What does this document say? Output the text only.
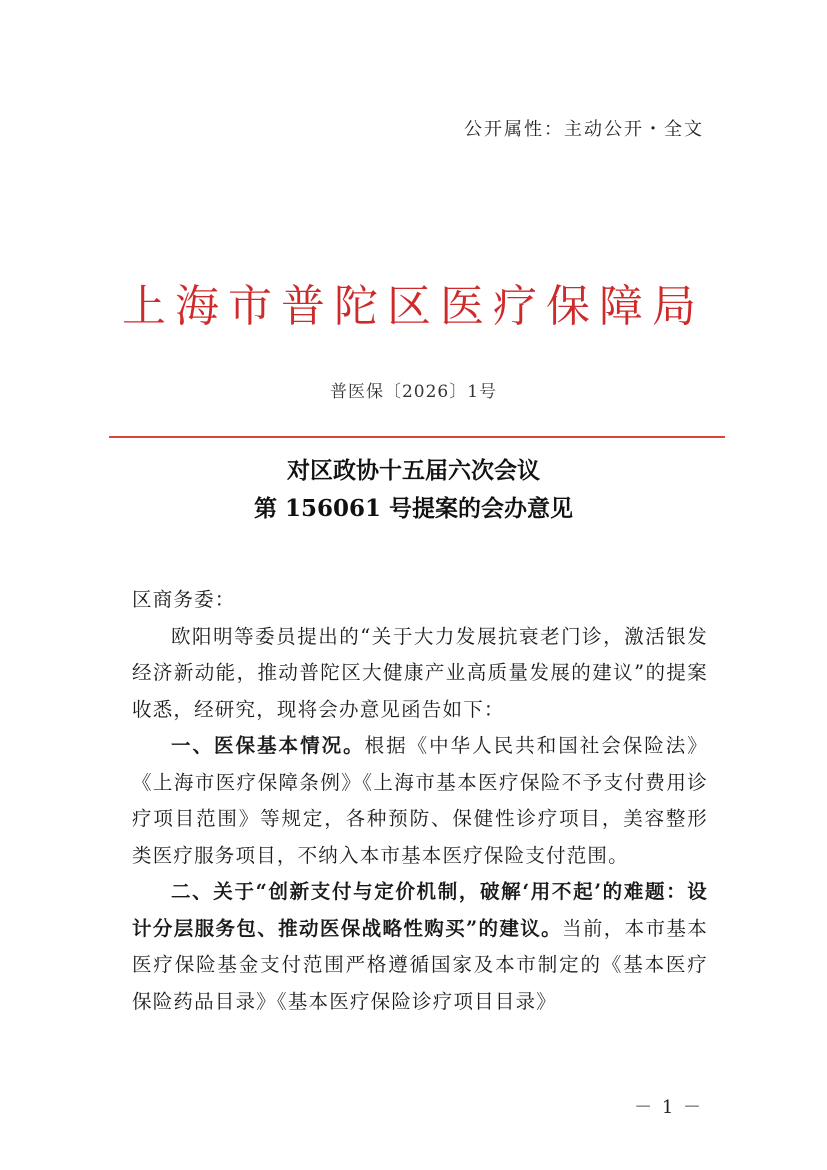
公开属性：主动公开・全文
上海市普陀区医疗保障局
普医保〔2026〕1号
对区政协十五届六次会议
第 156061 号提案的会办意见

区商务委：

欧阳明等委员提出的“关于大力发展抗衰老门诊，激活银发经济新动能，推动普陀区大健康产业高质量发展的建议”的提案收悉，经研究，现将会办意见函告如下：

一、医保基本情况。根据《中华人民共和国社会保险法》《上海市医疗保障条例》《上海市基本医疗保险不予支付费用诊疗项目范围》等规定，各种预防、保健性诊疗项目，美容整形类医疗服务项目，不纳入本市基本医疗保险支付范围。

二、关于“创新支付与定价机制，破解‘用不起’的难题：设计分层服务包、推动医保战略性购买”的建议。当前，本市基本医疗保险基金支付范围严格遵循国家及本市制定的《基本医疗保险药品目录》《基本医疗保险诊疗项目目录》

－ 1 －
